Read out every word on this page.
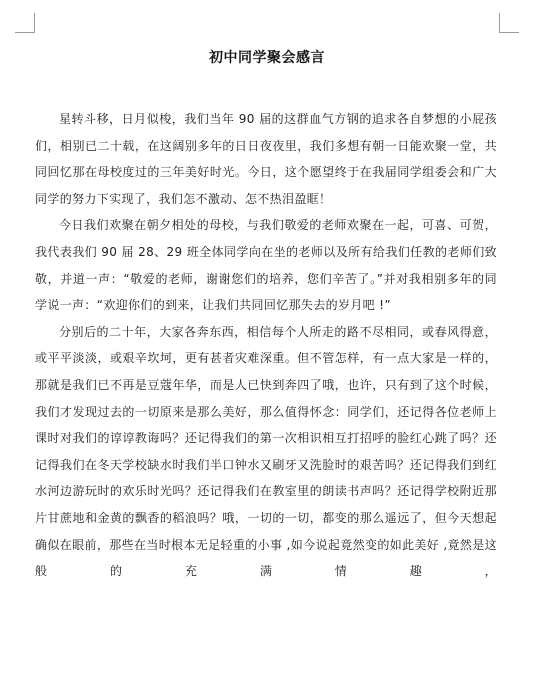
初中同学聚会感言

星转斗移，日月似梭，我们当年 90 届的这群血气方钢的追求各自梦想的小屁孩们，相别已二十载，在这阔别多年的日日夜夜里，我们多想有朝一日能欢聚一堂，共同回忆那在母校度过的三年美好时光。今日，这个愿望终于在我届同学组委会和广大同学的努力下实现了，我们怎不激动、怎不热泪盈眶！

今日我们欢聚在朝夕相处的母校，与我们敬爱的老师欢聚在一起，可喜、可贺，我代表我们 90 届 28、29 班全体同学向在坐的老师以及所有给我们任教的老师们致敬，并道一声：“敬爱的老师，谢谢您们的培养，您们辛苦了。”并对我相别多年的同学说一声：“欢迎你们的到来，让我们共同回忆那失去的岁月吧 !”

分别后的二十年，大家各奔东西，相信每个人所走的路不尽相同，或春风得意，或平平淡淡，或艰辛坎坷，更有甚者灾难深重。但不管怎样，有一点大家是一样的，那就是我们已不再是豆蔻年华，而是人已快到奔四了哦，也许，只有到了这个时候，我们才发现过去的一切原来是那么美好，那么值得怀念：同学们，还记得各位老师上课时对我们的谆谆教诲吗？还记得我们的第一次相识相互打招呼的脸红心跳了吗？还记得我们在冬天学校缺水时我们半口钟水又刷牙又洗脸时的艰苦吗？还记得我们到红水河边游玩时的欢乐时光吗？还记得我们在教室里的朗读书声吗？还记得学校附近那片甘蔗地和金黄的飘香的稻浪吗？哦，一切的一切，都变的那么遥远了，但今天想起确似在眼前，那些在当时根本无足轻重的小事 ,如今说起竟然变的如此美好 ,竟然是这般的充满情趣，
